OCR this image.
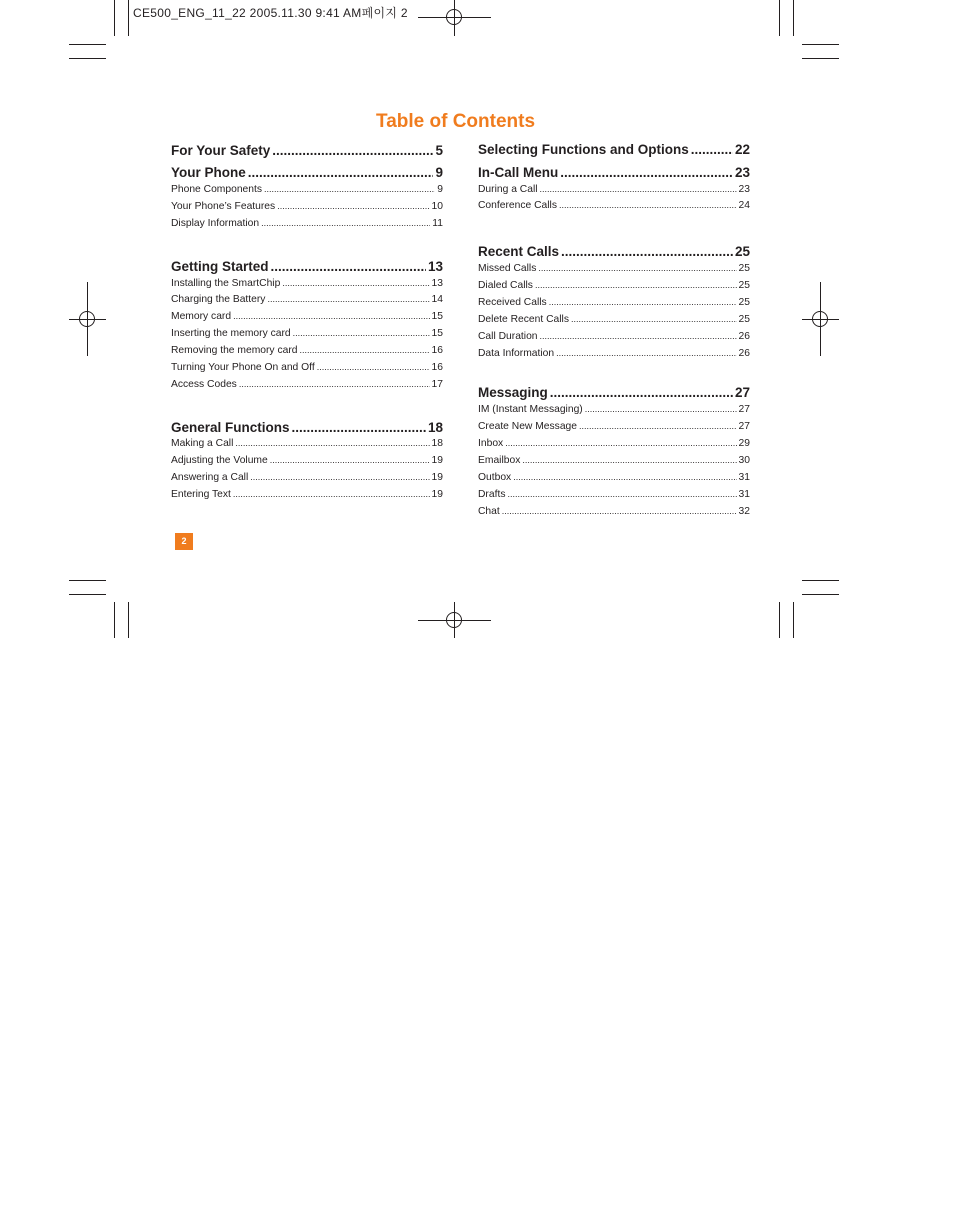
CE500_ENG_11_22 2005.11.30 9:41 AM페이지 2
Table of Contents
For Your Safety .....	5
Your Phone .....	9
Phone Components .....	9
Your Phone’s Features .....	10
Display Information .....	11
Getting Started .....	13
Installing the SmartChip .....	13
Charging the Battery .....	14
Memory card .....	15
Inserting the memory card .....	15
Removing the memory card .....	16
Turning Your Phone On and Off .....	16
Access Codes .....	17
General Functions .....	18
Making a Call .....	18
Adjusting the Volume .....	19
Answering a Call .....	19
Entering Text .....	19
Selecting Functions and Options .....	22
In-Call Menu .....	23
During a Call .....	23
Conference Calls .....	24
Recent Calls .....	25
Missed Calls .....	25
Dialed Calls .....	25
Received Calls .....	25
Delete Recent Calls .....	25
Call Duration .....	26
Data Information .....	26
Messaging .....	27
IM (Instant Messaging) .....	27
Create New Message .....	27
Inbox .....	29
Emailbox .....	30
Outbox .....	31
Drafts .....	31
Chat .....	32
2
